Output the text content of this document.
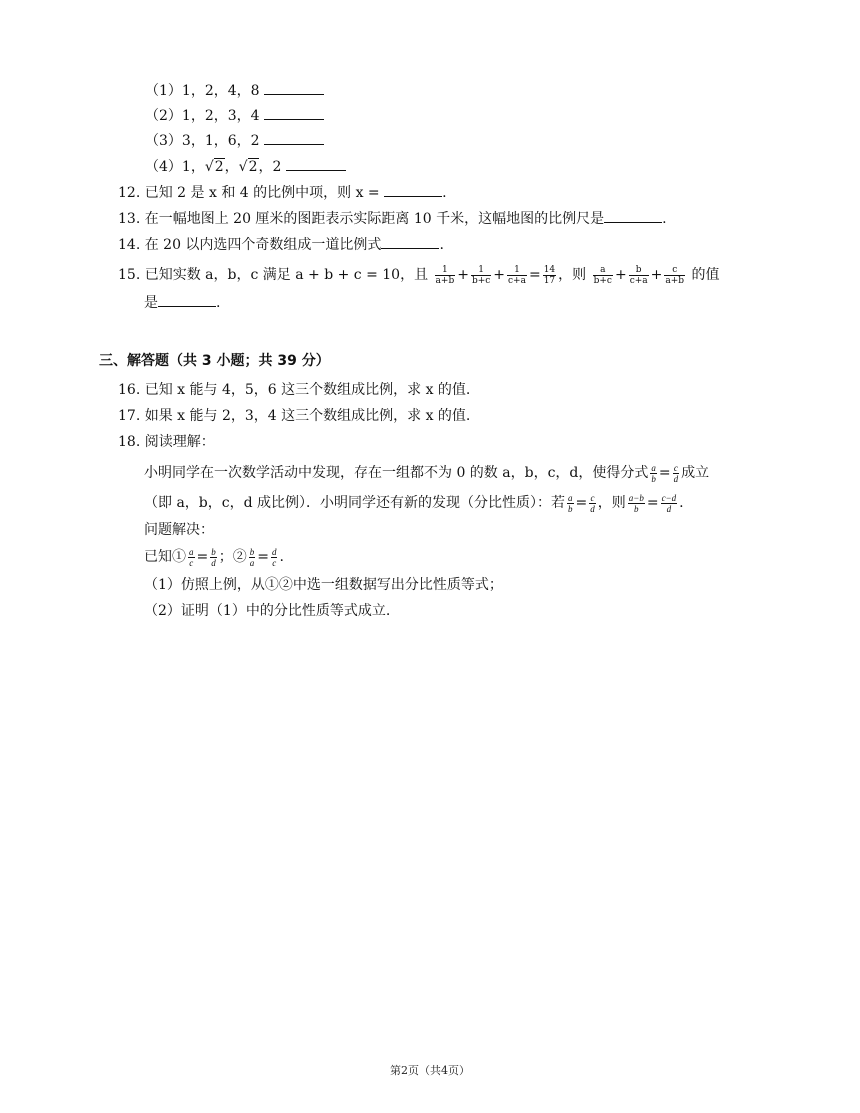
（1）1，2，4，8
（2）1，2，3，4
（3）3，1，6，2
（4）1，√2，√2，2
12. 已知 2 是 x 和 4 的比例中项，则 x =	.
13. 在一幅地图上 20 厘米的图距表示实际距离 10 千米，这幅地图的比例尺是	.
14. 在 20 以内选四个奇数组成一道比例式	.
15. 已知实数 a，b，c 满足 a + b + c = 10，且 $\frac{1}{a+b} + \frac{1}{b+c} + \frac{1}{c+a} = \frac{14}{17}$ ，则 $\frac{a}{b+c} + \frac{b}{c+a} + \frac{c}{a+b}$ 的值
是	.
三、解答题（共 3 小题；共 39 分）
16. 已知 x 能与 4，5，6 这三个数组成比例，求 x 的值.
17. 如果 x 能与 2，3，4 这三个数组成比例，求 x 的值.
18. 阅读理解：
小明同学在一次数学活动中发现，存在一组都不为 0 的数 a，b，c，d，使得分式 $\frac{a}{b} = \frac{c}{d}$ 成立
（即 a，b，c，d 成比例）．小明同学还有新的发现（分比性质）：若 $\frac{a}{b} = \frac{c}{d}$ ，则 $\frac{a-b}{b} = \frac{c-d}{d}$ .
问题解决：
已知① $\frac{a}{c} = \frac{b}{d}$ ；② $\frac{b}{a} = \frac{d}{c}$ .
（1）仿照上例，从①②中选一组数据写出分比性质等式；
（2）证明（1）中的分比性质等式成立.
第2页（共4页）
